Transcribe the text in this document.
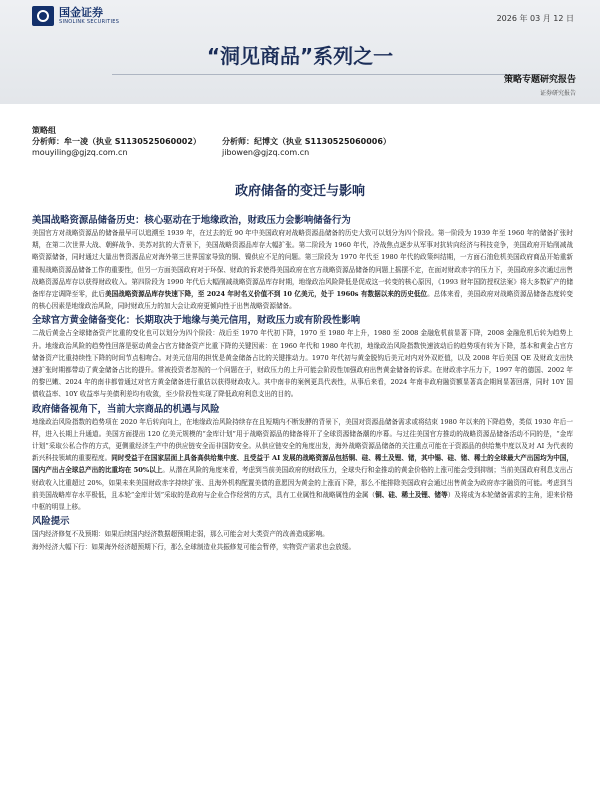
国金证券
SINOLINK SECURITIES	2026 年 03 月 12 日
“洞见商品”系列之一
策略专题研究报告
证券研究报告
策略组
分析师：牟一凌（执业 S1130525060002）
mouyiling@gjzq.com.cn
分析师：纪博文（执业 S1130525060006）
jibowen@gjzq.com.cn
政府储备的变迁与影响
美国战略资源品储备历史：核心驱动在于地缘政治，财政压力会影响储备行为
美国官方对战略资源品的储备最早可以追溯至 1939 年，在过去的近 90 年中美国政府对战略资源品储备的历史大致可以划分为四个阶段。第一阶段为 1939 年至 1960 年的储备扩张时期，在第二次世界大战、朝鲜战争、美苏对抗的大背景下，美国战略资源品库存大幅扩张。第二阶段为 1960 年代，冷战焦点逐步从军事对抗转向经济与科技竞争，美国政府开始削减战略资源储备，同时通过大量出售资源品应对海外第三世界国家导致的铜、镍供应不足的问题。第三阶段为 1970 年代至 1980 年代的政策纠结期，一方面石油危机美国政府商品开始重新重视战略资源品储备工作的重要性，但另一方面美国政府对于环保、财政的诉求使得美国政府在官方战略资源品储备的问题上摇摆不定，在面对财政赤字的压力下，美国政府多次通过出售战略资源品库存以获得财政收入。第四阶段为 1990 年代后大幅削减战略资源品库存时期，地缘政治风险降低是促成这一转变的核心原因，《1993 财年国防授权法案》将大多数矿产的储备库存定调降至零，此后美国战略资源品库存快速下降，至 2024 年时名义价值不到 10 亿美元，处于 1960s 有数据以来的历史低位。总体来看，美国政府对战略资源品储备态度转变的核心因素是地缘政治风险，同时财政压力的加大会让政府更倾向性于出售战略资源储备。
全球官方黄金储备变化：长期取决于地缘与美元信用，财政压力或有阶段性影响
二战后黄金占全球储备资产比重的变化也可以划分为四个阶段：战后至 1970 年代初下降，1970 至 1980 年上升，1980 至 2008 金融危机前显著下降，2008 金融危机后转为趋势上升。地缘政治风险的趋势性回落是驱动黄金占官方储备资产比重下降的关键因素：在 1960 年代和 1980 年代初，地缘政治风险指数快速波动后的趋势项有转为下降，基本和黄金占官方储备资产比重持续性下降的时间节点相吻合。对美元信用的担忧是黄金储备占比的关键推动力。1970 年代初与黄金脱钩后美元对内对外双贬值，以及 2008 年后美国 QE 及财政支出快速扩张时期都带动了黄金储备占比的提升。常被投资者忽视的一个问题在于，财政压力的上升可能会阶段性加强政府出售黄金储备的诉求。在财政赤字压力下，1997 年的德国、2002 年的黎巴嫩、2024 年的南非都曾通过对官方黄金储备进行重估以获得财政收入。其中南非的案例更具代表性，从事后来看，2024 年南非政府融资额显著高企期间显著回落，同时 10Y 国债收益率、10Y 收益率与美债利差均有收敛，至少阶段性实现了降低政府利息支出的目的。
政府储备视角下，当前大宗商品的机遇与风险
地缘政治风险指数的趋势项在 2020 年后转向向上，在地缘政治风险持续存在且短期内不断发酵的背景下，美国对资源品储备需求或将结束 1980 年以来的下降趋势，类似 1930 年后一样，进入长期上升通道。美国方面提出 120 亿美元规模的“金库计划”用于战略资源品的储备将开了全球资源储备潮的序幕。与过往美国官方推动的战略资源品储备活动不同的是，“金库计划”采取公私合作的方式，更侧重经济生产中的供应链安全而非国防安全。从供应链安全的角度出发，海外战略资源品储备的关注重点可能在于资源品的供给集中度以及对 AI 为代表的新兴科技领域的重要程度。同时受益于在国家层面上具备高供给集中度、且受益于 AI 发展的战略资源品包括铜、硅、稀土及锂、锗，其中锡、硅、锗、稀土的全球最大产出国均为中国，国内产出占全球总产出的比重均在 50%以上。从潜在风险的角度来看，考虑到当前美国政府的财政压力，全球央行和金推动的黄金价格的上涨可能会受到抑制；当前美国政府利息支出占财政收入比重超过 20%，如果未来美国财政赤字持续扩张、且海外机构配置美债的意愿因为黄金的上涨而下降，那么不能排除美国政府会通过出售黄金为政府赤字融资的可能。考虑到当前美国战略库存水平极低，且本轮“金库计划”采取的是政府与企业合作经营的方式，具有工业属性和战略属性的金属（铜、硅、稀土及锂、锗等）及将成为本轮储备需求的主角，迎来价格中枢的明显上移。
风险提示
国内经济修复不及预期：如果后续国内经济数据超预期走弱，那么可能会对大类资产的改善造成影响。
海外经济大幅下行：如果海外经济超预期下行，那么全球制造业共振修复可能会暂停，实物资产需求也会放缓。
